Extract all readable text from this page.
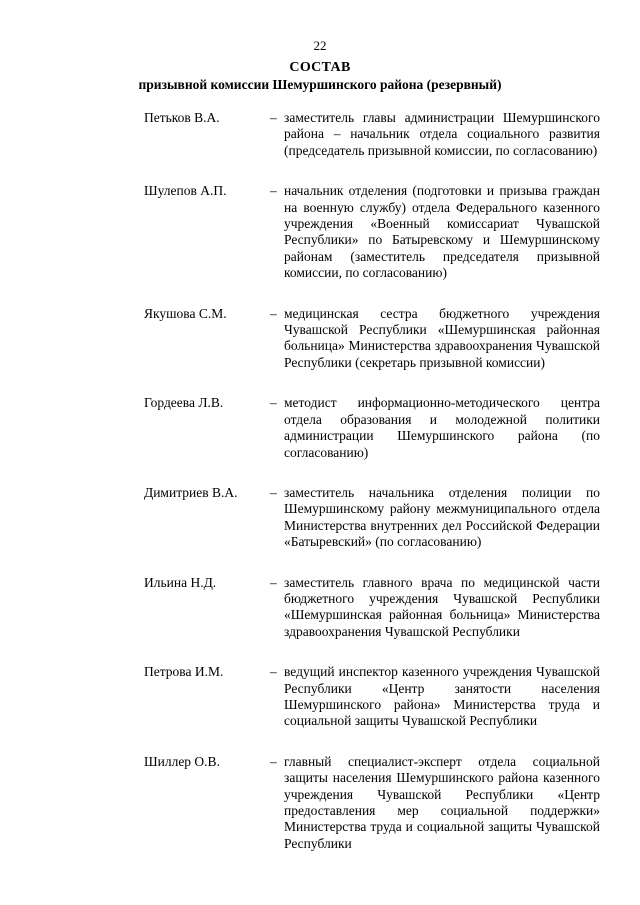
22
СОСТАВ
призывной комиссии Шемуршинского района (резервный)
Петьков В.А.	– заместитель главы администрации Шемуршинского района – начальник отдела социального развития (председатель призывной комиссии, по согласованию)
Шулепов А.П.	– начальник отделения (подготовки и призыва граждан на военную службу) отдела Федерального казенного учреждения «Военный комиссариат Чувашской Республики» по Батыревскому и Шемуршинскому районам (заместитель председателя призывной комиссии, по согласованию)
Якушова С.М.	– медицинская сестра бюджетного учреждения Чувашской Республики «Шемуршинская районная больница» Министерства здравоохранения Чувашской Республики (секретарь призывной комиссии)
Гордеева Л.В.	– методист информационно-методического центра отдела образования и молодежной политики администрации Шемуршинского района (по согласованию)
Димитриев В.А.	– заместитель начальника отделения полиции по Шемуршинскому району межмуниципального отдела Министерства внутренних дел Российской Федерации «Батыревский» (по согласованию)
Ильина Н.Д.	– заместитель главного врача по медицинской части бюджетного учреждения Чувашской Республики «Шемуршинская районная больница» Министерства здравоохранения Чувашской Республики
Петрова И.М.	– ведущий инспектор казенного учреждения Чувашской Республики «Центр занятости населения Шемуршинского района» Министерства труда и социальной защиты Чувашской Республики
Шиллер О.В.	– главный специалист-эксперт отдела социальной защиты населения Шемуршинского района казенного учреждения Чувашской Республики «Центр предоставления мер социальной поддержки» Министерства труда и социальной защиты Чувашской Республики
